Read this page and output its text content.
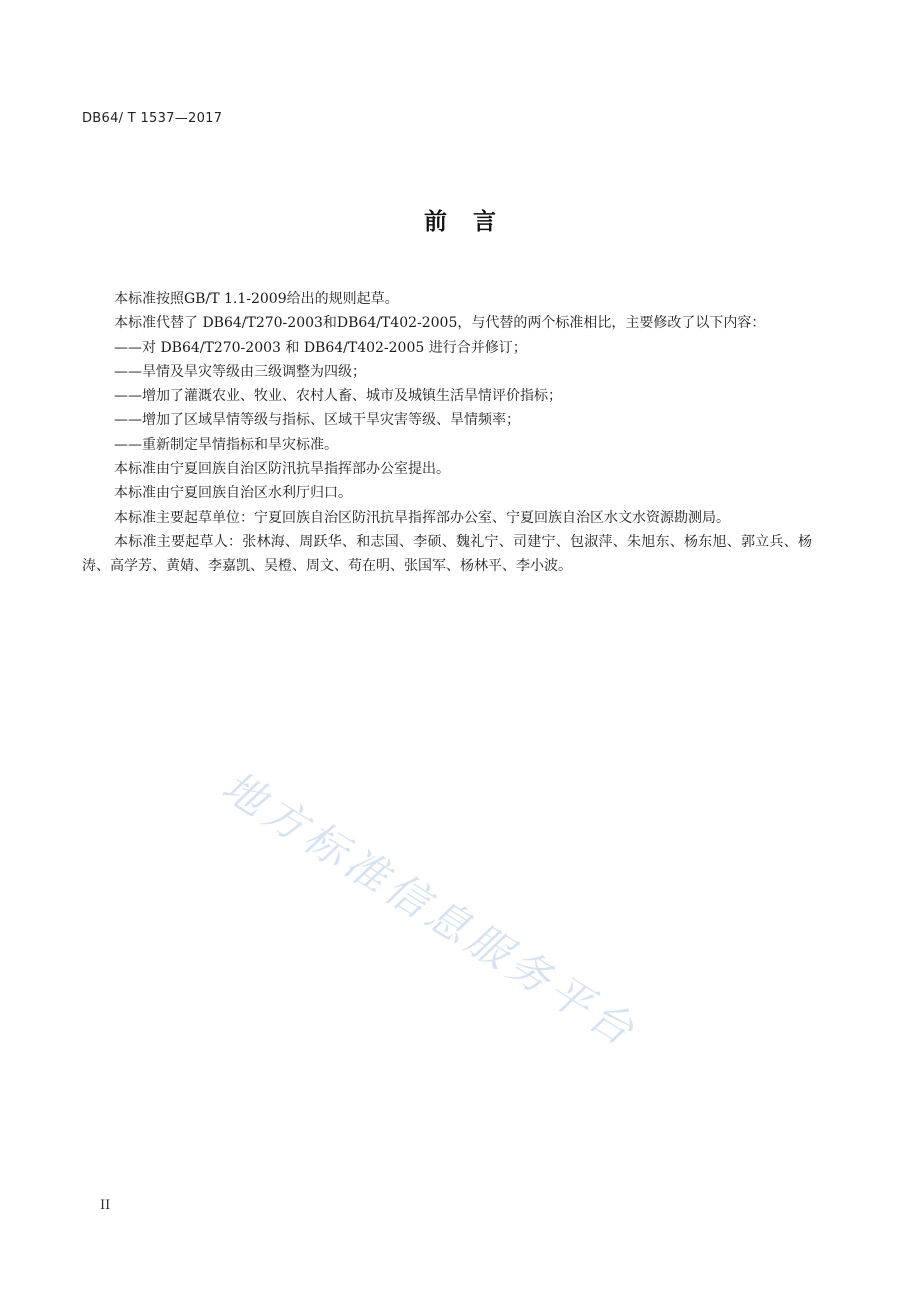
DB64/ T 1537—2017
前言

本标准按照GB/T 1.1-2009给出的规则起草。

本标准代替了 DB64/T270-2003和DB64/T402-2005，与代替的两个标准相比，主要修改了以下内容：

——对 DB64/T270-2003 和 DB64/T402-2005 进行合并修订；

——旱情及旱灾等级由三级调整为四级；

——增加了灌溉农业、牧业、农村人畜、城市及城镇生活旱情评价指标；

——增加了区域旱情等级与指标、区域干旱灾害等级、旱情频率；

——重新制定旱情指标和旱灾标准。

本标准由宁夏回族自治区防汛抗旱指挥部办公室提出。

本标准由宁夏回族自治区水利厅归口。

本标准主要起草单位：宁夏回族自治区防汛抗旱指挥部办公室、宁夏回族自治区水文水资源勘测局。

本标准主要起草人：张林海、周跃华、和志国、李硕、魏礼宁、司建宁、包淑萍、朱旭东、杨东旭、郭立兵、杨涛、高学芳、黄婧、李嘉凯、吴橙、周文、苟在明、张国军、杨林平、李小波。

地方标准信息服务平台
II
